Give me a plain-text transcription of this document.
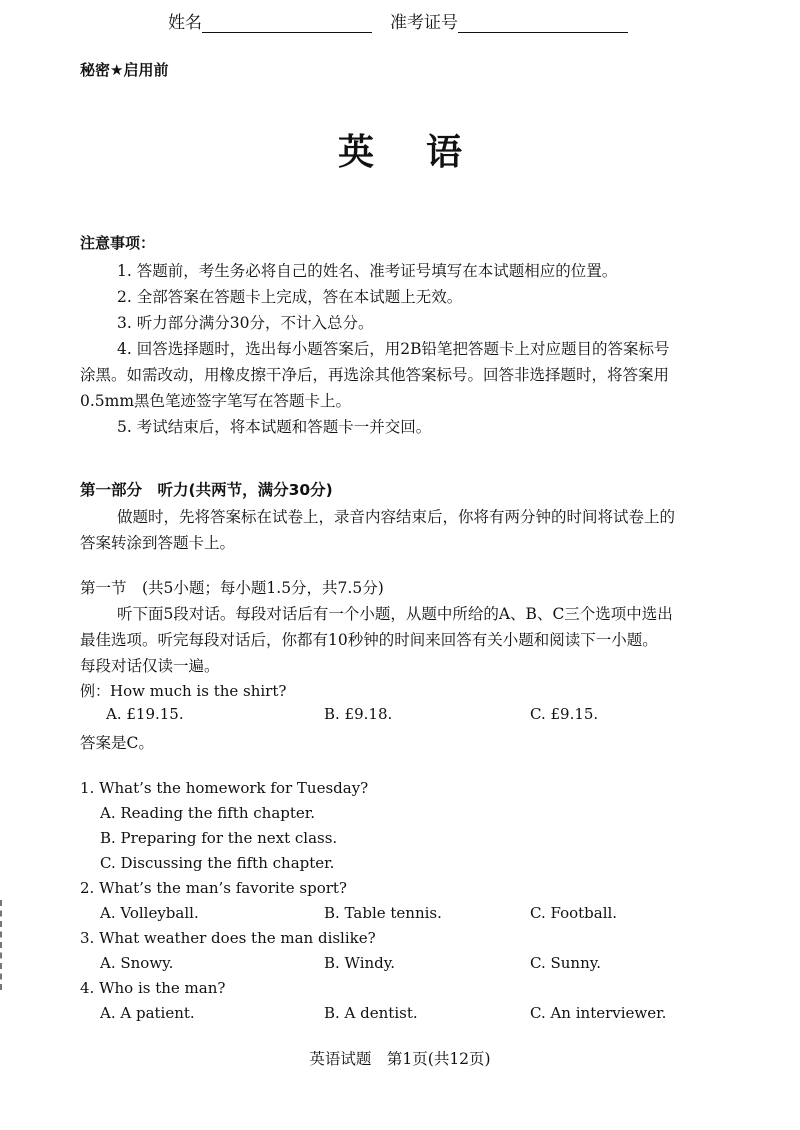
姓名	准考证号
秘密★启用前
英语
注意事项：
1. 答题前，考生务必将自己的姓名、准考证号填写在本试题相应的位置。
2. 全部答案在答题卡上完成，答在本试题上无效。
3. 听力部分满分30分，不计入总分。
4. 回答选择题时，选出每小题答案后，用2B铅笔把答题卡上对应题目的答案标号
涂黑。如需改动，用橡皮擦干净后，再选涂其他答案标号。回答非选择题时，将答案用
0.5mm黑色笔迹签字笔写在答题卡上。
5. 考试结束后，将本试题和答题卡一并交回。
第一部分　听力(共两节，满分30分)
做题时，先将答案标在试卷上，录音内容结束后，你将有两分钟的时间将试卷上的
答案转涂到答题卡上。
第一节　(共5小题；每小题1.5分，共7.5分)
听下面5段对话。每段对话后有一个小题，从题中所给的A、B、C三个选项中选出
最佳选项。听完每段对话后，你都有10秒钟的时间来回答有关小题和阅读下一小题。
每段对话仅读一遍。
例：How much is the shirt?
A. £19.15.	B. £9.18.	C. £9.15.
答案是C。
1. What’s the homework for Tuesday?
A. Reading the fifth chapter.
B. Preparing for the next class.
C. Discussing the fifth chapter.
2. What’s the man’s favorite sport?
A. Volleyball.	B. Table tennis.	C. Football.
3. What weather does the man dislike?
A. Snowy.	B. Windy.	C. Sunny.
4. Who is the man?
A. A patient.	B. A dentist.	C. An interviewer.
英语试题　第1页(共12页)
